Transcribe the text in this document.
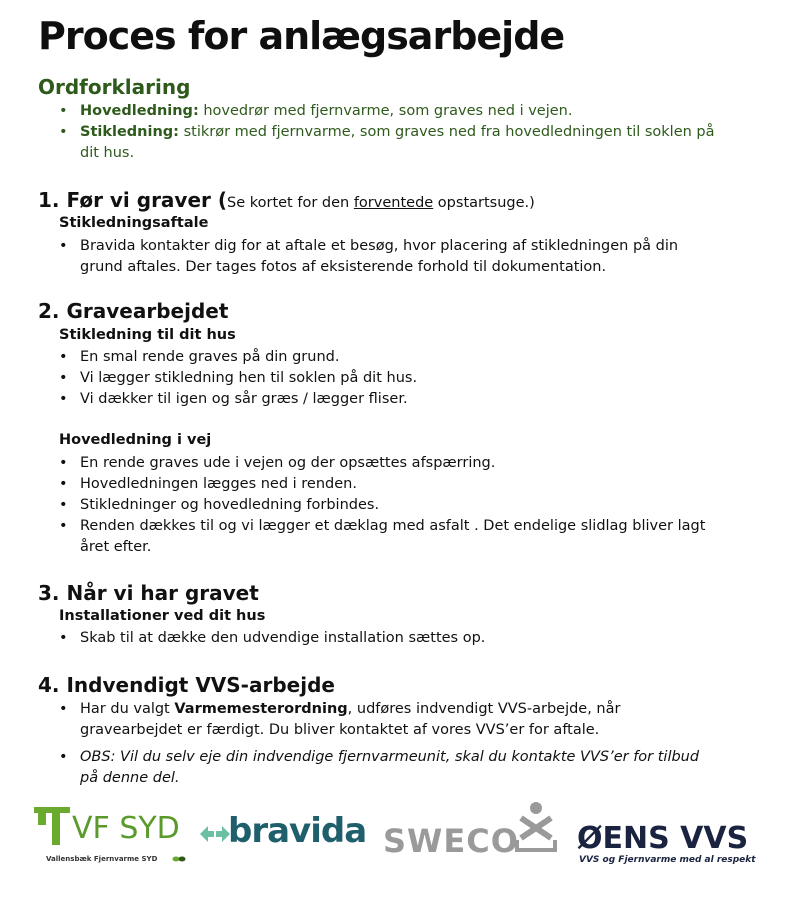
Proces for anlægsarbejde
Ordforklaring
• Hovedledning: hovedrør med fjernvarme, som graves ned i vejen.
• Stikledning: stikrør med fjernvarme, som graves ned fra hovedledningen til soklen på dit hus.
1. Før vi graver (Se kortet for den forventede opstartsuge.)
Stikledningsaftale
• Bravida kontakter dig for at aftale et besøg, hvor placering af stikledningen på din grund aftales. Der tages fotos af eksisterende forhold til dokumentation.
2. Gravearbejdet
Stikledning til dit hus
• En smal rende graves på din grund.
• Vi lægger stikledning hen til soklen på dit hus.
• Vi dækker til igen og sår græs / lægger fliser.
Hovedledning i vej
• En rende graves ude i vejen og der opsættes afspærring.
• Hovedledningen lægges ned i renden.
• Stikledninger og hovedledning forbindes.
• Renden dækkes til og vi lægger et dæklag med asfalt . Det endelige slidlag bliver lagt året efter.
3. Når vi har gravet
Installationer ved dit hus
• Skab til at dække den udvendige installation sættes op.
4. Indvendigt VVS-arbejde
• Har du valgt Varmemesterordning, udføres indvendigt VVS-arbejde, når gravearbejdet er færdigt. Du bliver kontaktet af vores VVS’er for aftale.
• OBS: Vil du selv eje din indvendige fjernvarmeunit, skal du kontakte VVS’er for tilbud på denne del.
VF SYD
Vallensbæk Fjernvarme SYD
bravida SWECO ØENS VVS
VVS og Fjernvarme med al respekt
